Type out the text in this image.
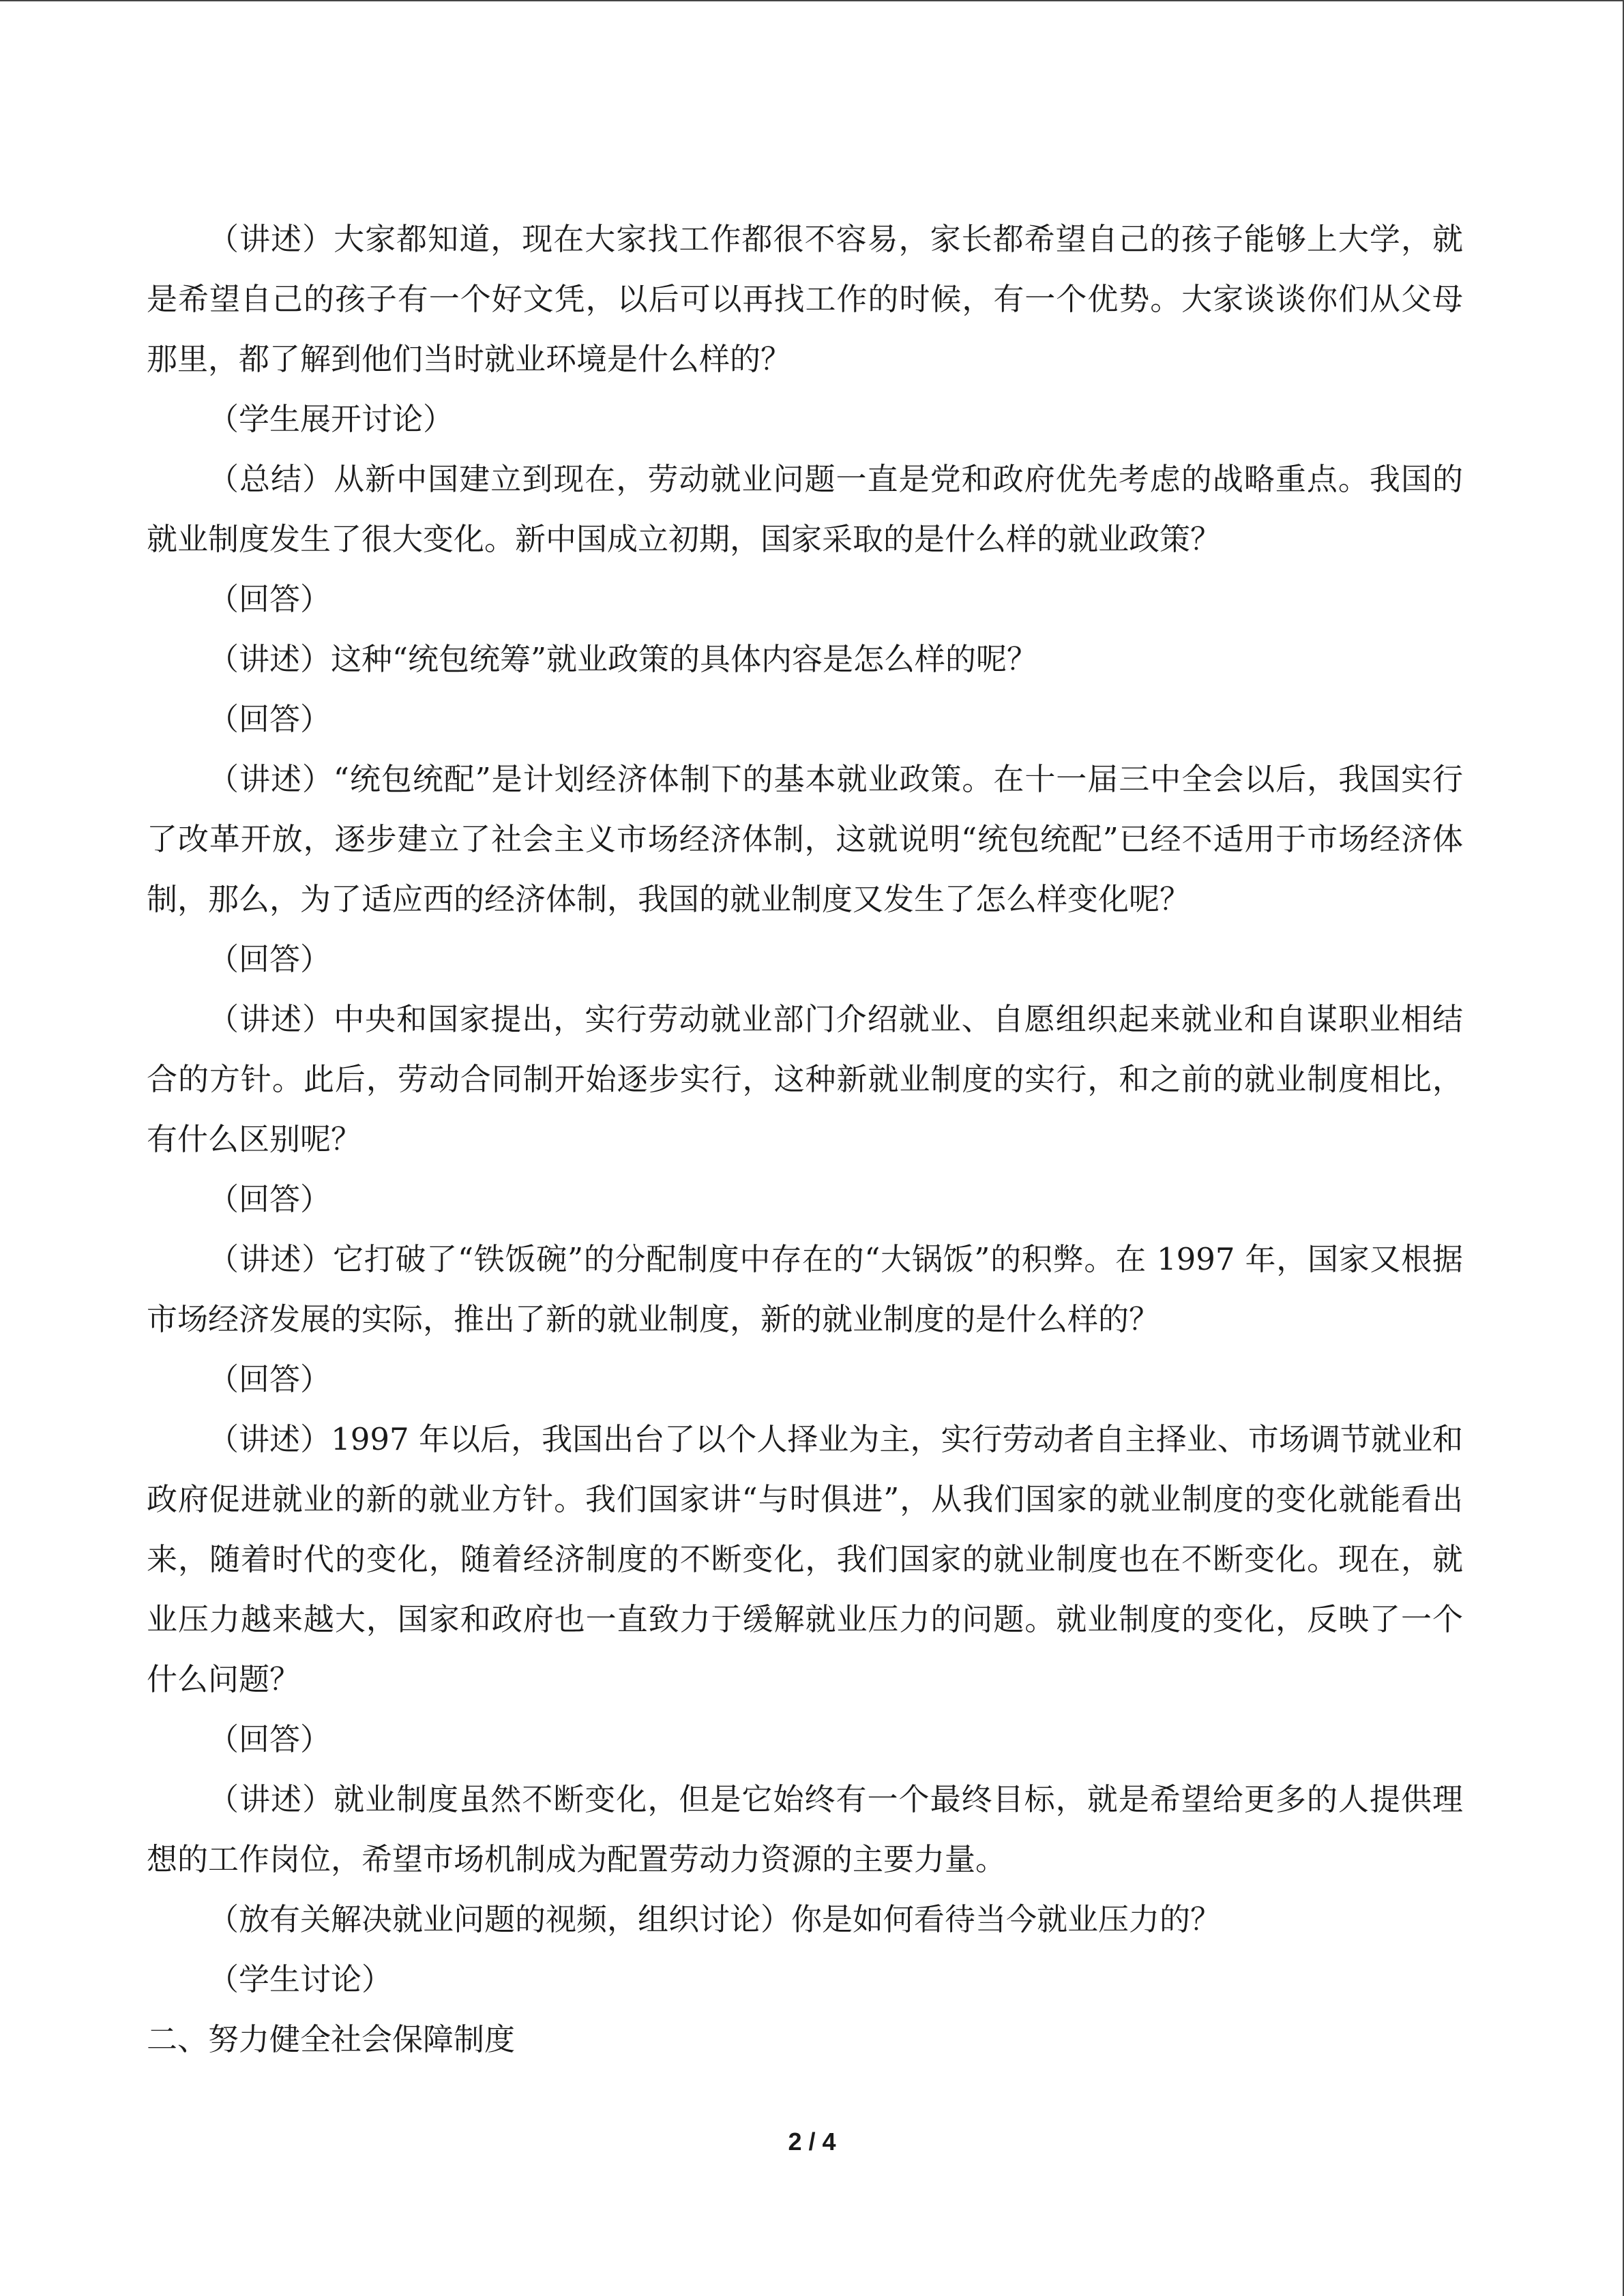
（讲述）大家都知道，现在大家找工作都很不容易，家长都希望自己的孩子能够上大学，就是希望自己的孩子有一个好文凭，以后可以再找工作的时候，有一个优势。大家谈谈你们从父母那里，都了解到他们当时就业环境是什么样的？

（学生展开讨论）

（总结）从新中国建立到现在，劳动就业问题一直是党和政府优先考虑的战略重点。我国的就业制度发生了很大变化。新中国成立初期，国家采取的是什么样的就业政策？

（回答）

（讲述）这种“统包统筹”就业政策的具体内容是怎么样的呢？

（回答）

（讲述）“统包统配”是计划经济体制下的基本就业政策。在十一届三中全会以后，我国实行了改革开放，逐步建立了社会主义市场经济体制，这就说明“统包统配”已经不适用于市场经济体制，那么，为了适应西的经济体制，我国的就业制度又发生了怎么样变化呢？

（回答）

（讲述）中央和国家提出，实行劳动就业部门介绍就业、自愿组织起来就业和自谋职业相结合的方针。此后，劳动合同制开始逐步实行，这种新就业制度的实行，和之前的就业制度相比，有什么区别呢？

（回答）

（讲述）它打破了“铁饭碗”的分配制度中存在的“大锅饭”的积弊。在 1997 年，国家又根据市场经济发展的实际，推出了新的就业制度，新的就业制度的是什么样的？

（回答）

（讲述）1997 年以后，我国出台了以个人择业为主，实行劳动者自主择业、市场调节就业和政府促进就业的新的就业方针。我们国家讲“与时俱进”，从我们国家的就业制度的变化就能看出来，随着时代的变化，随着经济制度的不断变化，我们国家的就业制度也在不断变化。现在，就业压力越来越大，国家和政府也一直致力于缓解就业压力的问题。就业制度的变化，反映了一个什么问题？

（回答）

（讲述）就业制度虽然不断变化，但是它始终有一个最终目标，就是希望给更多的人提供理想的工作岗位，希望市场机制成为配置劳动力资源的主要力量。

（放有关解决就业问题的视频，组织讨论）你是如何看待当今就业压力的？

（学生讨论）

二、努力健全社会保障制度

2 / 4
